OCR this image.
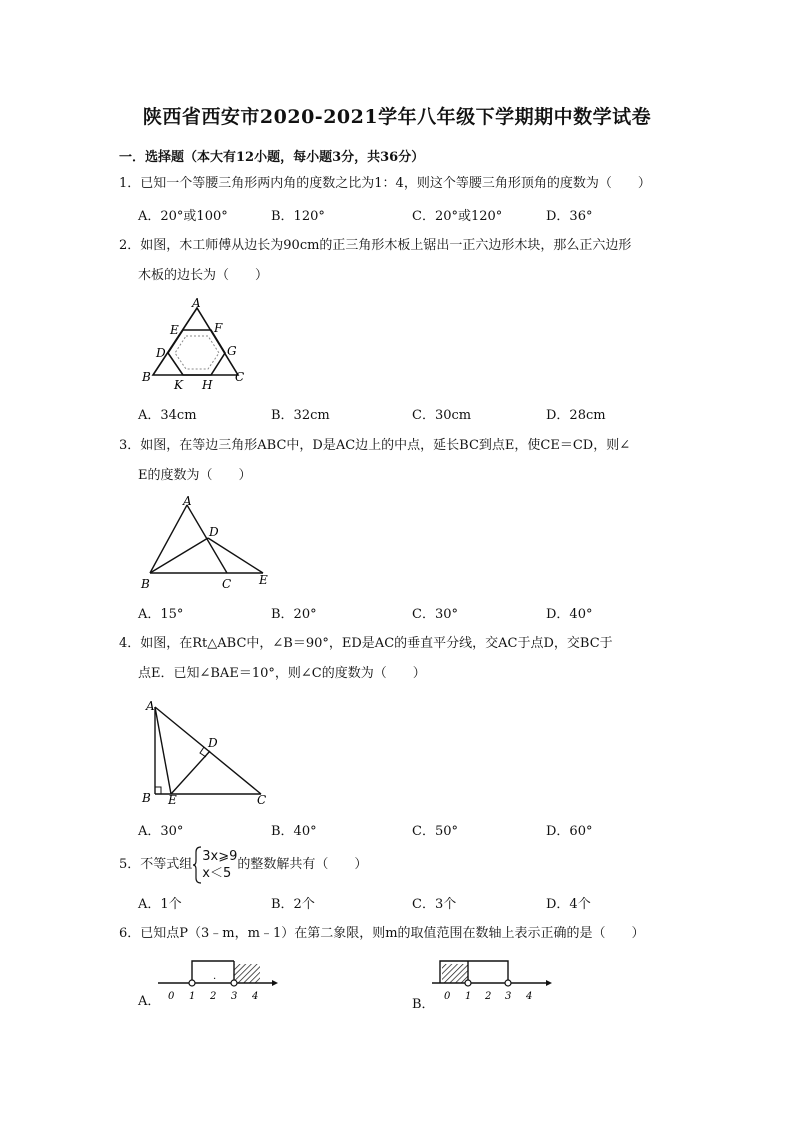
陕西省西安市2020-2021学年八年级下学期期中数学试卷
一．选择题（本大有12小题，每小题3分，共36分）
1．已知一个等腰三角形两内角的度数之比为1：4，则这个等腰三角形顶角的度数为（　　）
A．20°或100°	B．120°	C．20°或120°	D．36°
2．如图，木工师傅从边长为90cm的正三角形木板上锯出一正六边形木块，那么正六边形
木板的边长为（　　）
A
E	F
D	G
B
K H
C
A．34cm	B．32cm	C．30cm	D．28cm
3．如图，在等边三角形ABC中，D是AC边上的中点，延长BC到点E，使CE＝CD，则∠
E的度数为（　　）
A
D
B	C E
A．15°	B．20°	C．30°	D．40°
4．如图，在Rt△ABC中，∠B＝90°，ED是AC的垂直平分线，交AC于点D，交BC于
点E．已知∠BAE＝10°，则∠C的度数为（　　）
A
D
B E	C
A．30°	B．40°	C．50°	D．60°
5．不等式组
3x⩾9
x＜5
的整数解共有（　　）
A．1个	B．2个	C．3个	D．4个
6．已知点P（3﹣m，m﹣1）在第二象限，则m的取值范围在数轴上表示正确的是（　　）
A．
.
0 1 2 3 4
B．
0 1 2 3 4
